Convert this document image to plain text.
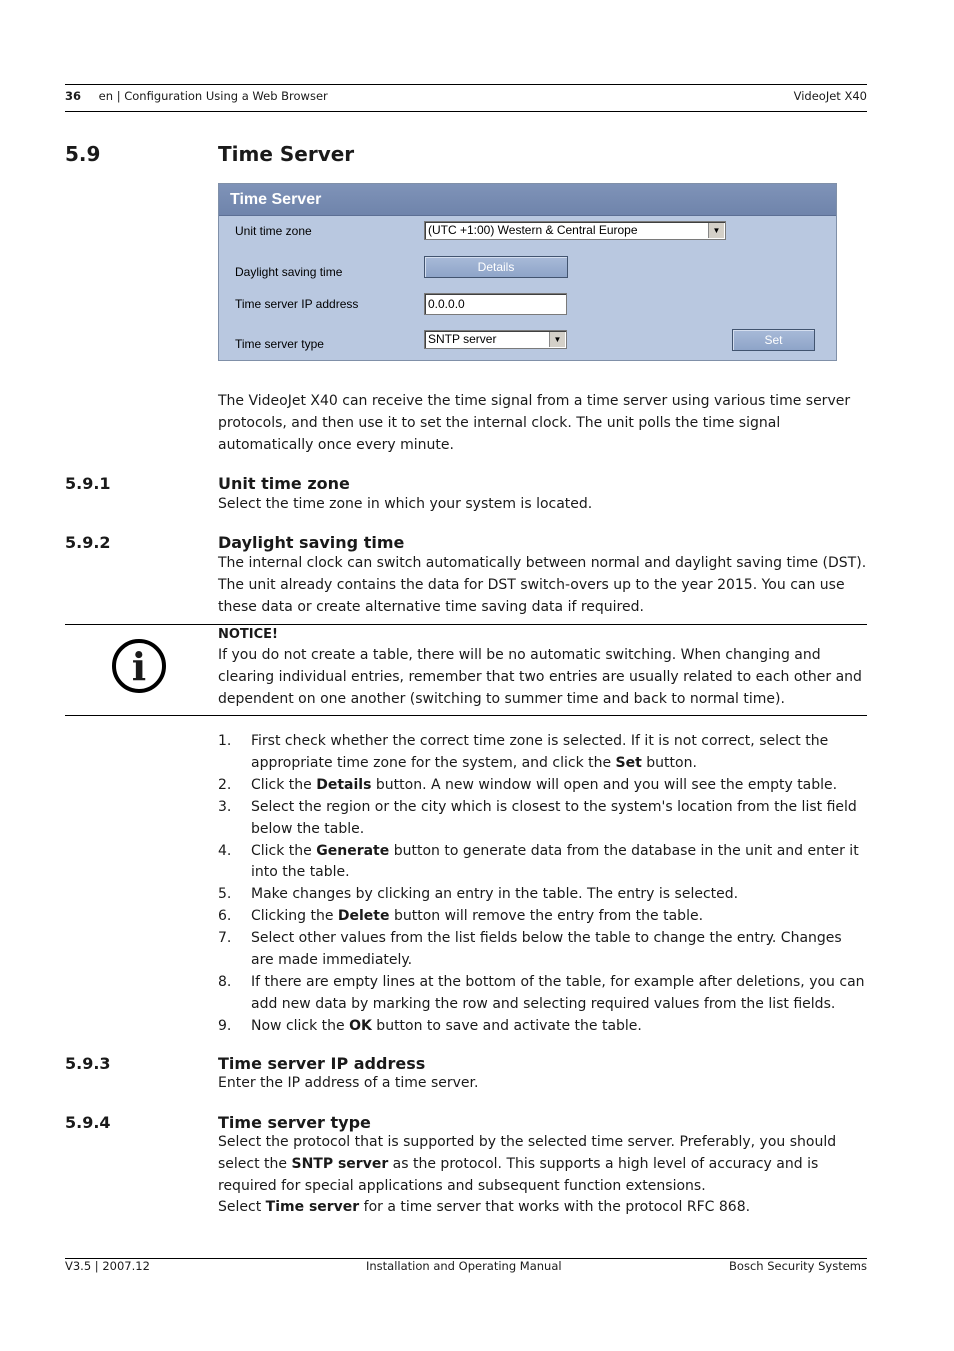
36 en | Configuration Using a Web Browser	VideoJet X40
5.9	Time Server
Time Server
Unit time zone	(UTC +1:00) Western & Central Europe	▼
Daylight saving time	Details
Time server IP address	0.0.0.0
Time server type	SNTP server	▼	Set
The VideoJet X40 can receive the time signal from a time server using various time server protocols, and then use it to set the internal clock. The unit polls the time signal automatically once every minute.
5.9.1	Unit time zone
Select the time zone in which your system is located.
5.9.2	Daylight saving time
The internal clock can switch automatically between normal and daylight saving time (DST). The unit already contains the data for DST switch-overs up to the year 2015. You can use these data or create alternative time saving data if required.
i
NOTICE!
If you do not create a table, there will be no automatic switching. When changing and clearing individual entries, remember that two entries are usually related to each other and dependent on one another (switching to summer time and back to normal time).
1. First check whether the correct time zone is selected. If it is not correct, select the appropriate time zone for the system, and click the Set button.
2. Click the Details button. A new window will open and you will see the empty table.
3. Select the region or the city which is closest to the system's location from the list field below the table.
4. Click the Generate button to generate data from the database in the unit and enter it into the table.
5. Make changes by clicking an entry in the table. The entry is selected.
6. Clicking the Delete button will remove the entry from the table.
7. Select other values from the list fields below the table to change the entry. Changes are made immediately.
8. If there are empty lines at the bottom of the table, for example after deletions, you can add new data by marking the row and selecting required values from the list fields.
9. Now click the OK button to save and activate the table.
5.9.3	Time server IP address
Enter the IP address of a time server.
5.9.4	Time server type
Select the protocol that is supported by the selected time server. Preferably, you should select the SNTP server as the protocol. This supports a high level of accuracy and is required for special applications and subsequent function extensions.
Select Time server for a time server that works with the protocol RFC 868.
V3.5 | 2007.12	Installation and Operating Manual	Bosch Security Systems
